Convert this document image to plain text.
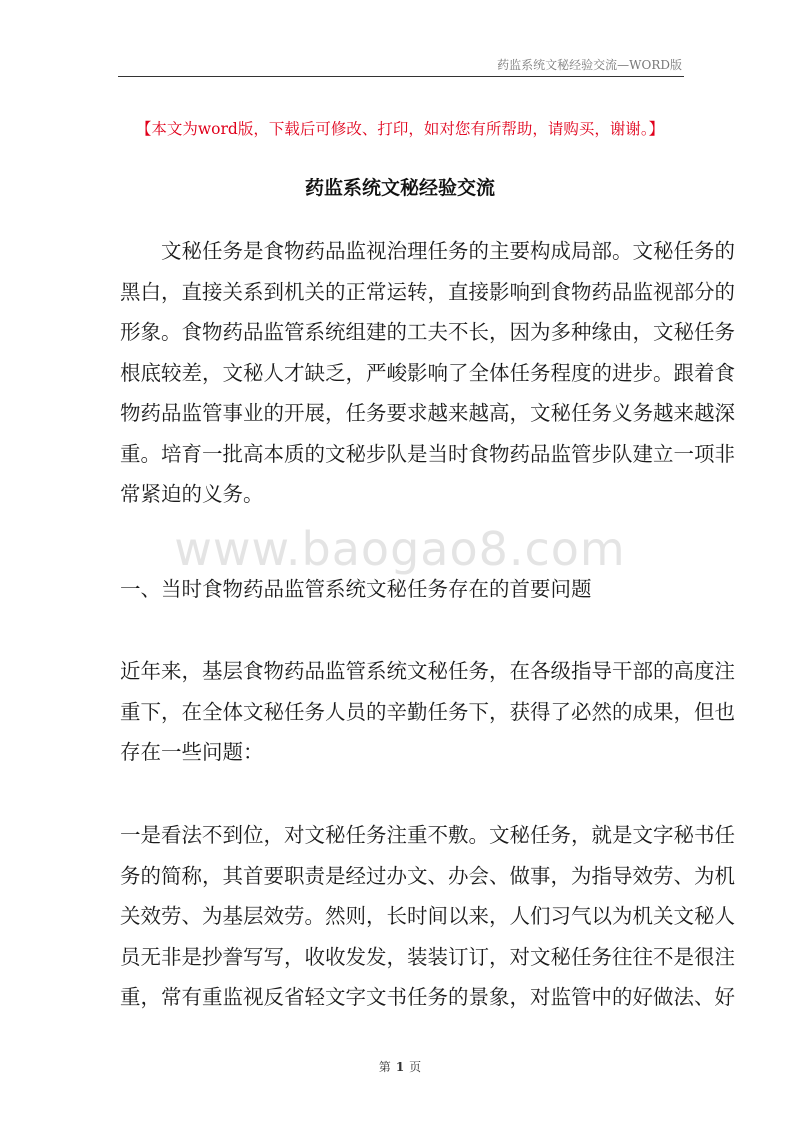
药监系统文秘经验交流—WORD版
【本文为word版，下载后可修改、打印，如对您有所帮助，请购买，谢谢。】
药监系统文秘经验交流
www.baogao8.com
文秘任务是食物药品监视治理任务的主要构成局部。文秘任务的
黑白，直接关系到机关的正常运转，直接影响到食物药品监视部分的
形象。食物药品监管系统组建的工夫不长，因为多种缘由，文秘任务
根底较差，文秘人才缺乏，严峻影响了全体任务程度的进步。跟着食
物药品监管事业的开展，任务要求越来越高，文秘任务义务越来越深
重。培育一批高本质的文秘步队是当时食物药品监管步队建立一项非
常紧迫的义务。
一、当时食物药品监管系统文秘任务存在的首要问题
近年来，基层食物药品监管系统文秘任务，在各级指导干部的高度注
重下，在全体文秘任务人员的辛勤任务下，获得了必然的成果，但也
存在一些问题：
一是看法不到位，对文秘任务注重不敷。文秘任务，就是文字秘书任
务的简称，其首要职责是经过办文、办会、做事，为指导效劳、为机
关效劳、为基层效劳。然则，长时间以来，人们习气以为机关文秘人
员无非是抄誊写写，收收发发，装装订订，对文秘任务往往不是很注
重，常有重监视反省轻文字文书任务的景象，对监管中的好做法、好
第 1 页
